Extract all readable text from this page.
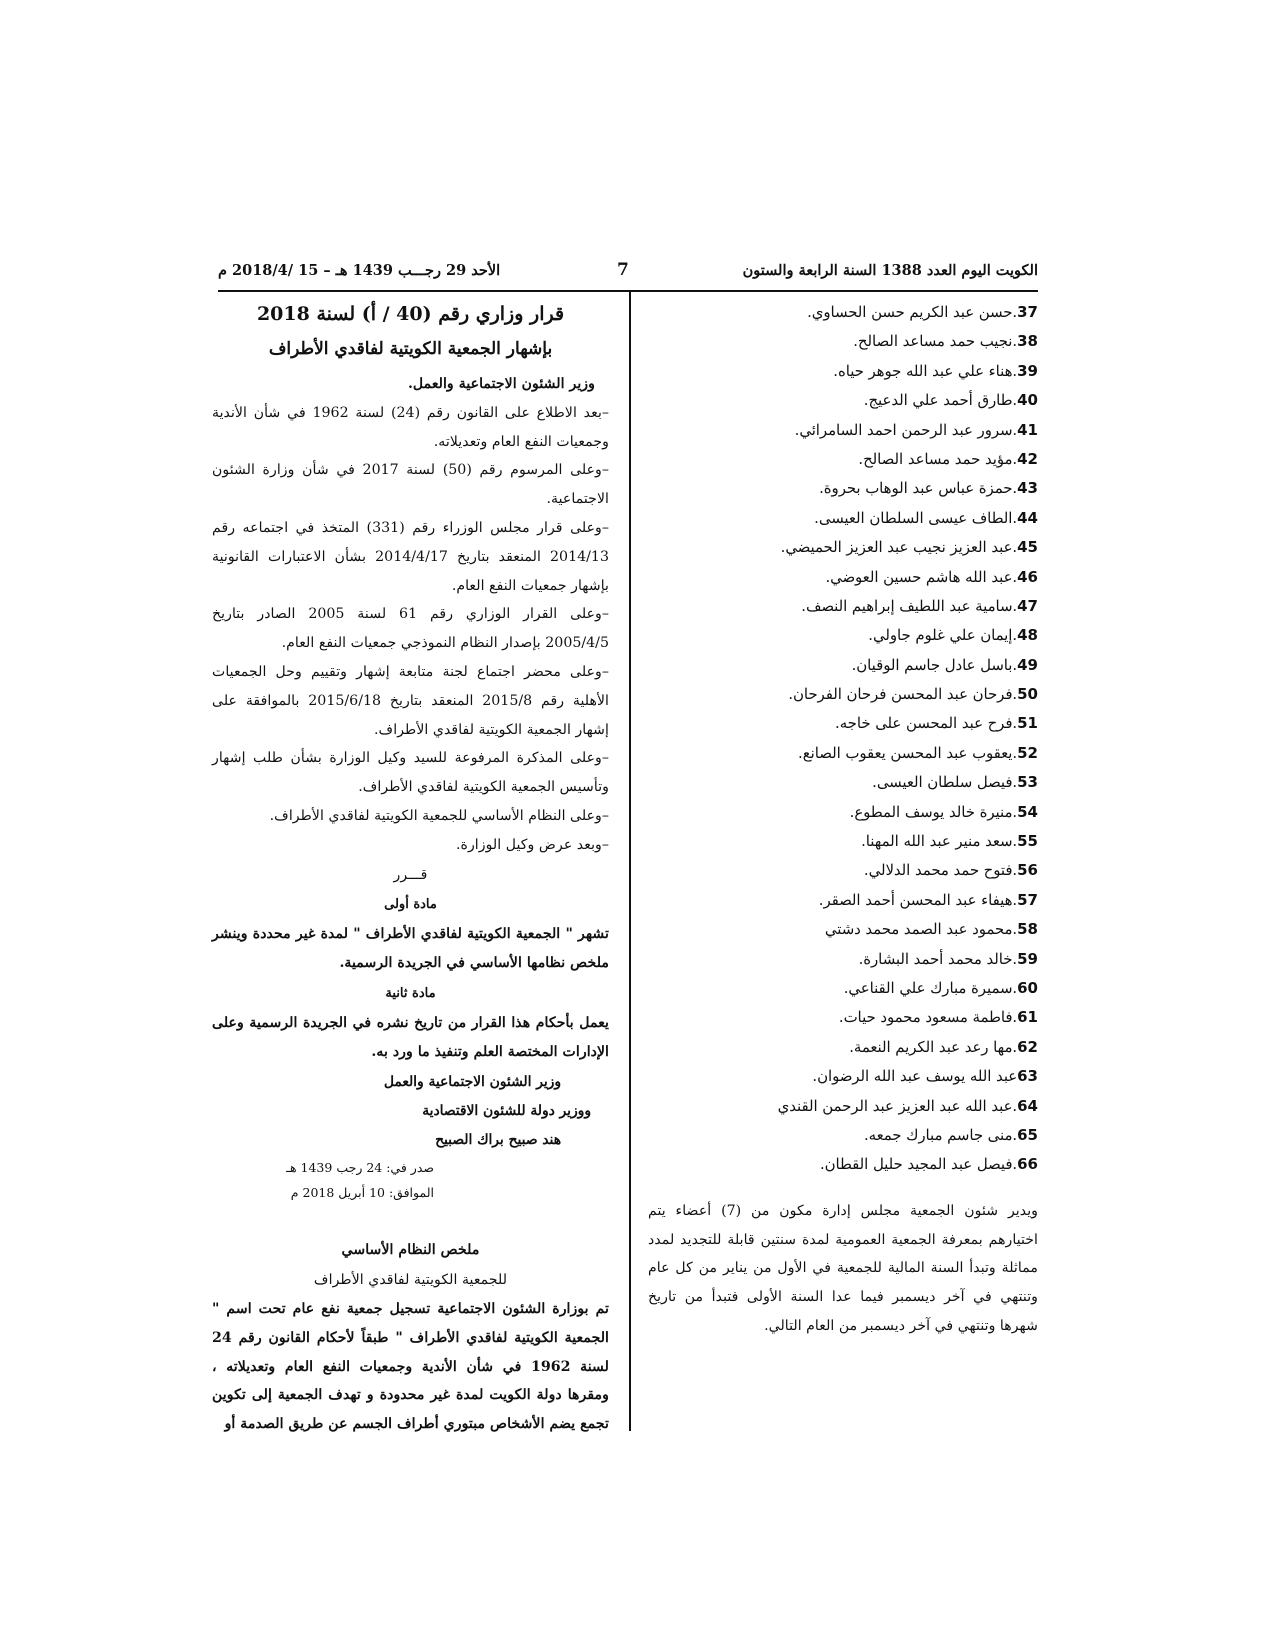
الكويت اليوم العدد 1388 السنة الرابعة والستون
7
الأحد 29 رجـــب 1439 هـ – 15 /2018/4 م
37.حسن عبد الكريم حسن الحساوي.
38.نجيب حمد مساعد الصالح.
39.هناء علي عبد الله جوهر حياه.
40.طارق أحمد علي الدعيج.
41.سرور عبد الرحمن احمد السامرائي.
42.مؤيد حمد مساعد الصالح.
43.حمزة عباس عبد الوهاب بحروة.
44.الطاف عيسى السلطان العيسى.
45.عبد العزيز نجيب عبد العزيز الحميضي.
46.عبد الله هاشم حسين العوضي.
47.سامية عبد اللطيف إبراهيم النصف.
48.إيمان علي غلوم جاولي.
49.باسل عادل جاسم الوقيان.
50.فرحان عبد المحسن فرحان الفرحان.
51.فرح عبد المحسن على خاجه.
52.يعقوب عبد المحسن يعقوب الصانع.
53.فيصل سلطان العيسى.
54.منيرة خالد يوسف المطوع.
55.سعد منير عبد الله المهنا.
56.فتوح حمد محمد الدلالي.
57.هيفاء عبد المحسن أحمد الصقر.
58.محمود عبد الصمد محمد دشتي
59.خالد محمد أحمد البشارة.
60.سميرة مبارك علي القناعي.
61.فاطمة مسعود محمود حيات.
62.مها رعد عبد الكريم النعمة.
63عبد الله يوسف عبد الله الرضوان.
64.عبد الله عبد العزيز عبد الرحمن القندي
65.منى جاسم مبارك جمعه.
66.فيصل عبد المجيد حليل القطان.

ويدير شئون الجمعية مجلس إدارة مكون من (7) أعضاء يتم اختيارهم بمعرفة الجمعية العمومية لمدة سنتين قابلة للتجديد لمدد مماثلة وتبدأ السنة المالية للجمعية في الأول من يناير من كل عام وتنتهي في آخر ديسمبر فيما عدا السنة الأولى فتبدأ من تاريخ شهرها وتنتهي في آخر ديسمبر من العام التالي.

قرار وزاري رقم (40 / أ) لسنة 2018
بإشهار الجمعية الكويتية لفاقدي الأطراف

وزير الشئون الاجتماعية والعمل.

–بعد الاطلاع على القانون رقم (24) لسنة 1962 في شأن الأندية وجمعيات النفع العام وتعديلاته.

–وعلى المرسوم رقم (50) لسنة 2017 في شأن وزارة الشئون الاجتماعية.

–وعلى قرار مجلس الوزراء رقم (331) المتخذ في اجتماعه رقم 2014/13 المنعقد بتاريخ 2014/4/17 بشأن الاعتبارات القانونية بإشهار جمعيات النفع العام.

–وعلى القرار الوزاري رقم 61 لسنة 2005 الصادر بتاريخ 2005/4/5 بإصدار النظام النموذجي جمعيات النفع العام.

–وعلى محضر اجتماع لجنة متابعة إشهار وتقييم وحل الجمعيات الأهلية رقم 2015/8 المنعقد بتاريخ 2015/6/18 بالموافقة على إشهار الجمعية الكويتية لفاقدي الأطراف.

–وعلى المذكرة المرفوعة للسيد وكيل الوزارة بشأن طلب إشهار وتأسيس الجمعية الكويتية لفاقدي الأطراف.

–وعلى النظام الأساسي للجمعية الكويتية لفاقدي الأطراف.

–وبعد عرض وكيل الوزارة.

قـــرر
مادة أولى

تشهر " الجمعية الكويتية لفاقدي الأطراف " لمدة غير محددة وينشر ملخص نظامها الأساسي في الجريدة الرسمية.

مادة ثانية

يعمل بأحكام هذا القرار من تاريخ نشره في الجريدة الرسمية وعلى الإدارات المختصة العلم وتنفيذ ما ورد به.

وزير الشئون الاجتماعية والعمل
ووزير دولة للشئون الاقتصادية
هند صبيح براك الصبيح
صدر في: 24 رجب 1439 هـ
الموافق: 10 أبريل 2018 م
ملخص النظام الأساسي
للجمعية الكويتية لفاقدي الأطراف

تم بوزارة الشئون الاجتماعية تسجيل جمعية نفع عام تحت اسم " الجمعية الكويتية لفاقدي الأطراف " طبقاً لأحكام القانون رقم 24 لسنة 1962 في شأن الأندية وجمعيات النفع العام وتعديلاته ، ومقرها دولة الكويت لمدة غير محدودة و تهدف الجمعية إلى تكوين تجمع يضم الأشخاص مبتوري أطراف الجسم عن طريق الصدمة أو
